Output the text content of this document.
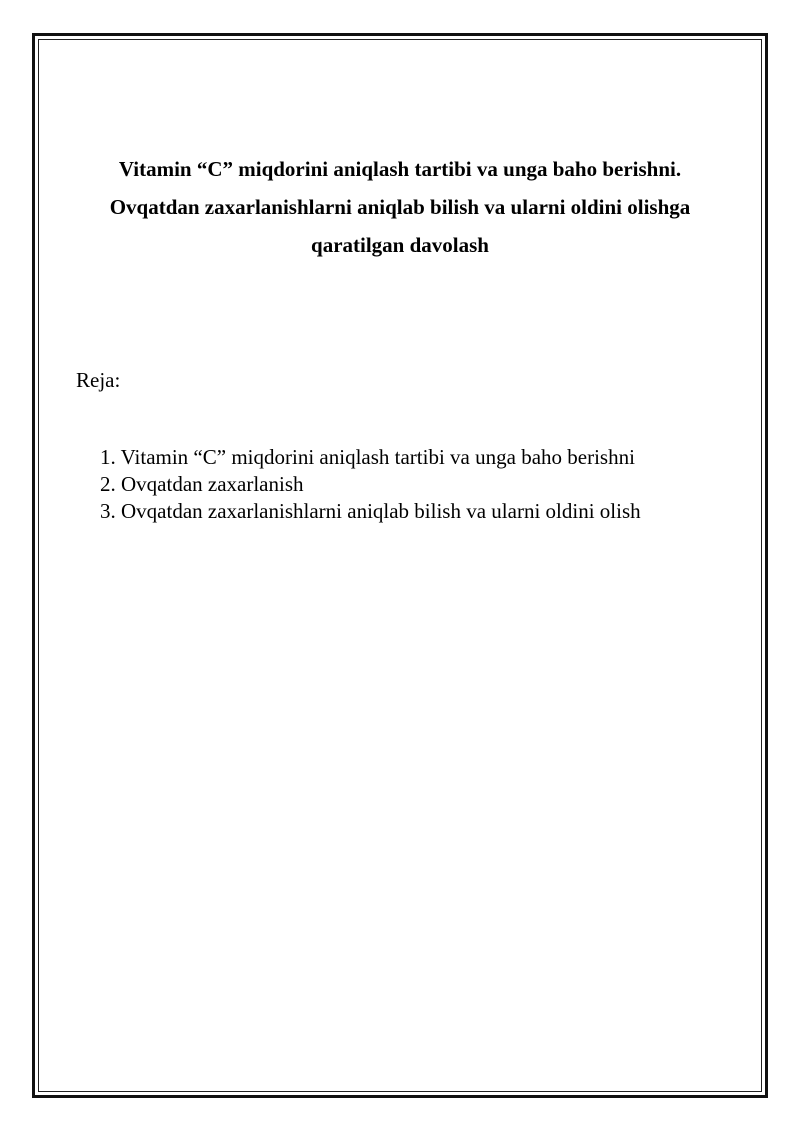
Vitamin “C” miqdorini aniqlash tartibi va unga baho berishni.
Ovqatdan zaxarlanishlarni aniqlab bilish va ularni oldini olishga
qaratilgan davolash

Reja:

1. Vitamin “C” miqdorini aniqlash tartibi va unga baho berishni
2. Ovqatdan zaxarlanish
3. Ovqatdan zaxarlanishlarni aniqlab bilish va ularni oldini olish
